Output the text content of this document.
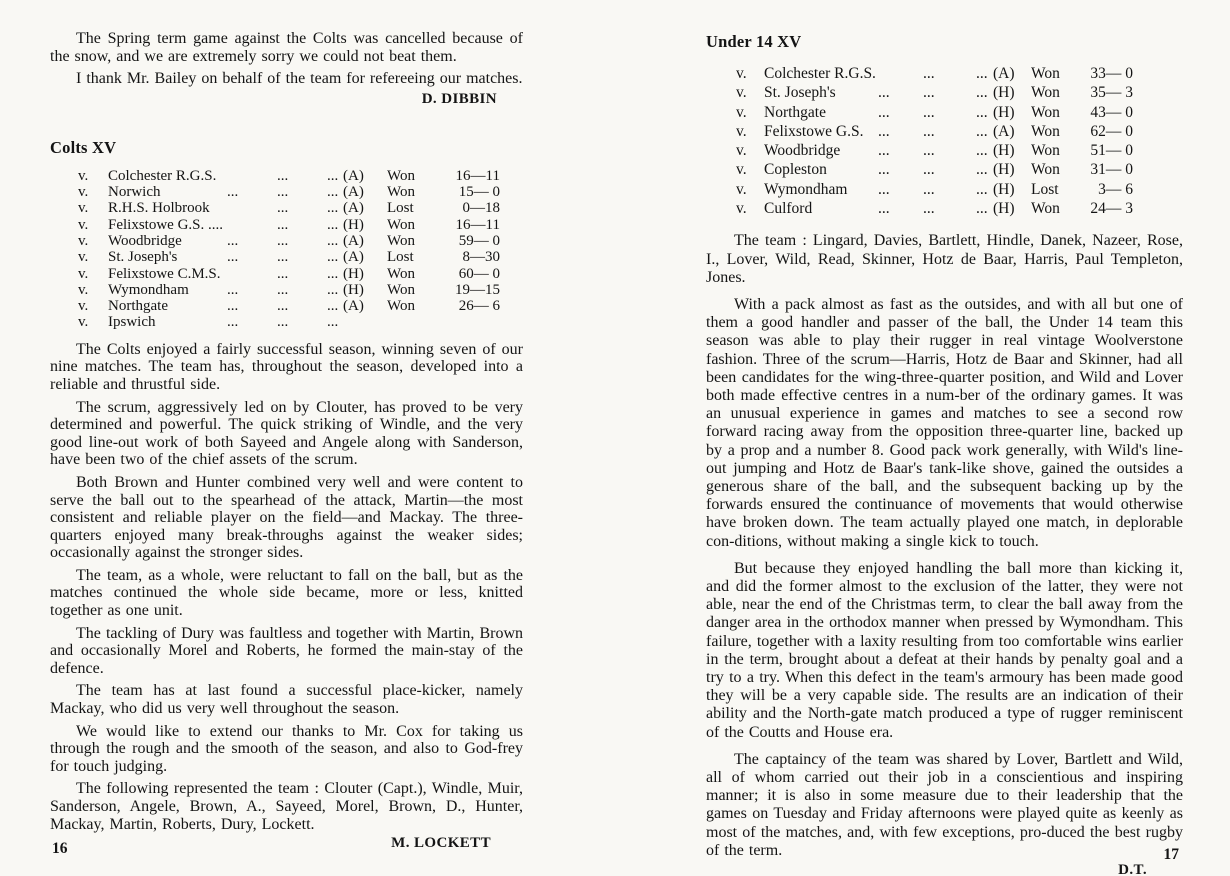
The Spring term game against the Colts was cancelled because of the snow, and we are extremely sorry we could not beat them.

I thank Mr. Bailey on behalf of the team for refereeing our matches.

D. DIBBIN
Colts XV
v. Colchester R.G.S.	...	... (A) Won	16—11
v. Norwich	...	...	... (A) Won	15— 0
v. R.H.S. Holbrook	...	... (A) Lost	0—18
v. Felixstowe G.S. ....	...	... (H) Won	16—11
v. Woodbridge	...	...	... (A) Won	59— 0
v. St. Joseph's	...	...	... (A) Lost	8—30
v. Felixstowe C.M.S.	...	... (H) Won	60— 0
v. Wymondham	...	...	... (H) Won	19—15
v. Northgate	...	...	... (A) Won	26— 6
v. Ipswich	...	...	...

The Colts enjoyed a fairly successful season, winning seven of our nine matches. The team has, throughout the season, developed into a reliable and thrustful side.

The scrum, aggressively led on by Clouter, has proved to be very determined and powerful. The quick striking of Windle, and the very good line-out work of both Sayeed and Angele along with Sanderson, have been two of the chief assets of the scrum.

Both Brown and Hunter combined very well and were content to serve the ball out to the spearhead of the attack, Martin—the most consistent and reliable player on the field—and Mackay. The three-quarters enjoyed many break-throughs against the weaker sides; occasionally against the stronger sides.

The team, as a whole, were reluctant to fall on the ball, but as the matches continued the whole side became, more or less, knitted together as one unit.

The tackling of Dury was faultless and together with Martin, Brown and occasionally Morel and Roberts, he formed the main-stay of the defence.

The team has at last found a successful place-kicker, namely Mackay, who did us very well throughout the season.

We would like to extend our thanks to Mr. Cox for taking us through the rough and the smooth of the season, and also to God-frey for touch judging.

The following represented the team : Clouter (Capt.), Windle, Muir, Sanderson, Angele, Brown, A., Sayeed, Morel, Brown, D., Hunter, Mackay, Martin, Roberts, Dury, Lockett.

M. LOCKETT
16
Under 14 XV
v. Colchester R.G.S.	...	... (A) Won	33— 0
v. St. Joseph's	... ...	... (H) Won	35— 3
v. Northgate	... ...	... (H) Won	43— 0
v. Felixstowe G.S. ... ...	... (A) Won	62— 0
v. Woodbridge ... ...	... (H) Won	51— 0
v. Copleston	... ...	... (H) Won	31— 0
v. Wymondham ... ...	... (H) Lost	3— 6
v. Culford	... ...	... (H) Won	24— 3

The team : Lingard, Davies, Bartlett, Hindle, Danek, Nazeer, Rose, I., Lover, Wild, Read, Skinner, Hotz de Baar, Harris, Paul Templeton, Jones.

With a pack almost as fast as the outsides, and with all but one of them a good handler and passer of the ball, the Under 14 team this season was able to play their rugger in real vintage Woolverstone fashion. Three of the scrum—Harris, Hotz de Baar and Skinner, had all been candidates for the wing-three-quarter position, and Wild and Lover both made effective centres in a num-ber of the ordinary games. It was an unusual experience in games and matches to see a second row forward racing away from the opposition three-quarter line, backed up by a prop and a number 8. Good pack work generally, with Wild's line-out jumping and Hotz de Baar's tank-like shove, gained the outsides a generous share of the ball, and the subsequent backing up by the forwards ensured the continuance of movements that would otherwise have broken down. The team actually played one match, in deplorable con-ditions, without making a single kick to touch.

But because they enjoyed handling the ball more than kicking it, and did the former almost to the exclusion of the latter, they were not able, near the end of the Christmas term, to clear the ball away from the danger area in the orthodox manner when pressed by Wymondham. This failure, together with a laxity resulting from too comfortable wins earlier in the term, brought about a defeat at their hands by penalty goal and a try to a try. When this defect in the team's armoury has been made good they will be a very capable side. The results are an indication of their ability and the North-gate match produced a type of rugger reminiscent of the Coutts and House era.

The captaincy of the team was shared by Lover, Bartlett and Wild, all of whom carried out their job in a conscientious and inspiring manner; it is also in some measure due to their leadership that the games on Tuesday and Friday afternoons were played quite as keenly as most of the matches, and, with few exceptions, pro-duced the best rugby of the term.

D.T.
17
